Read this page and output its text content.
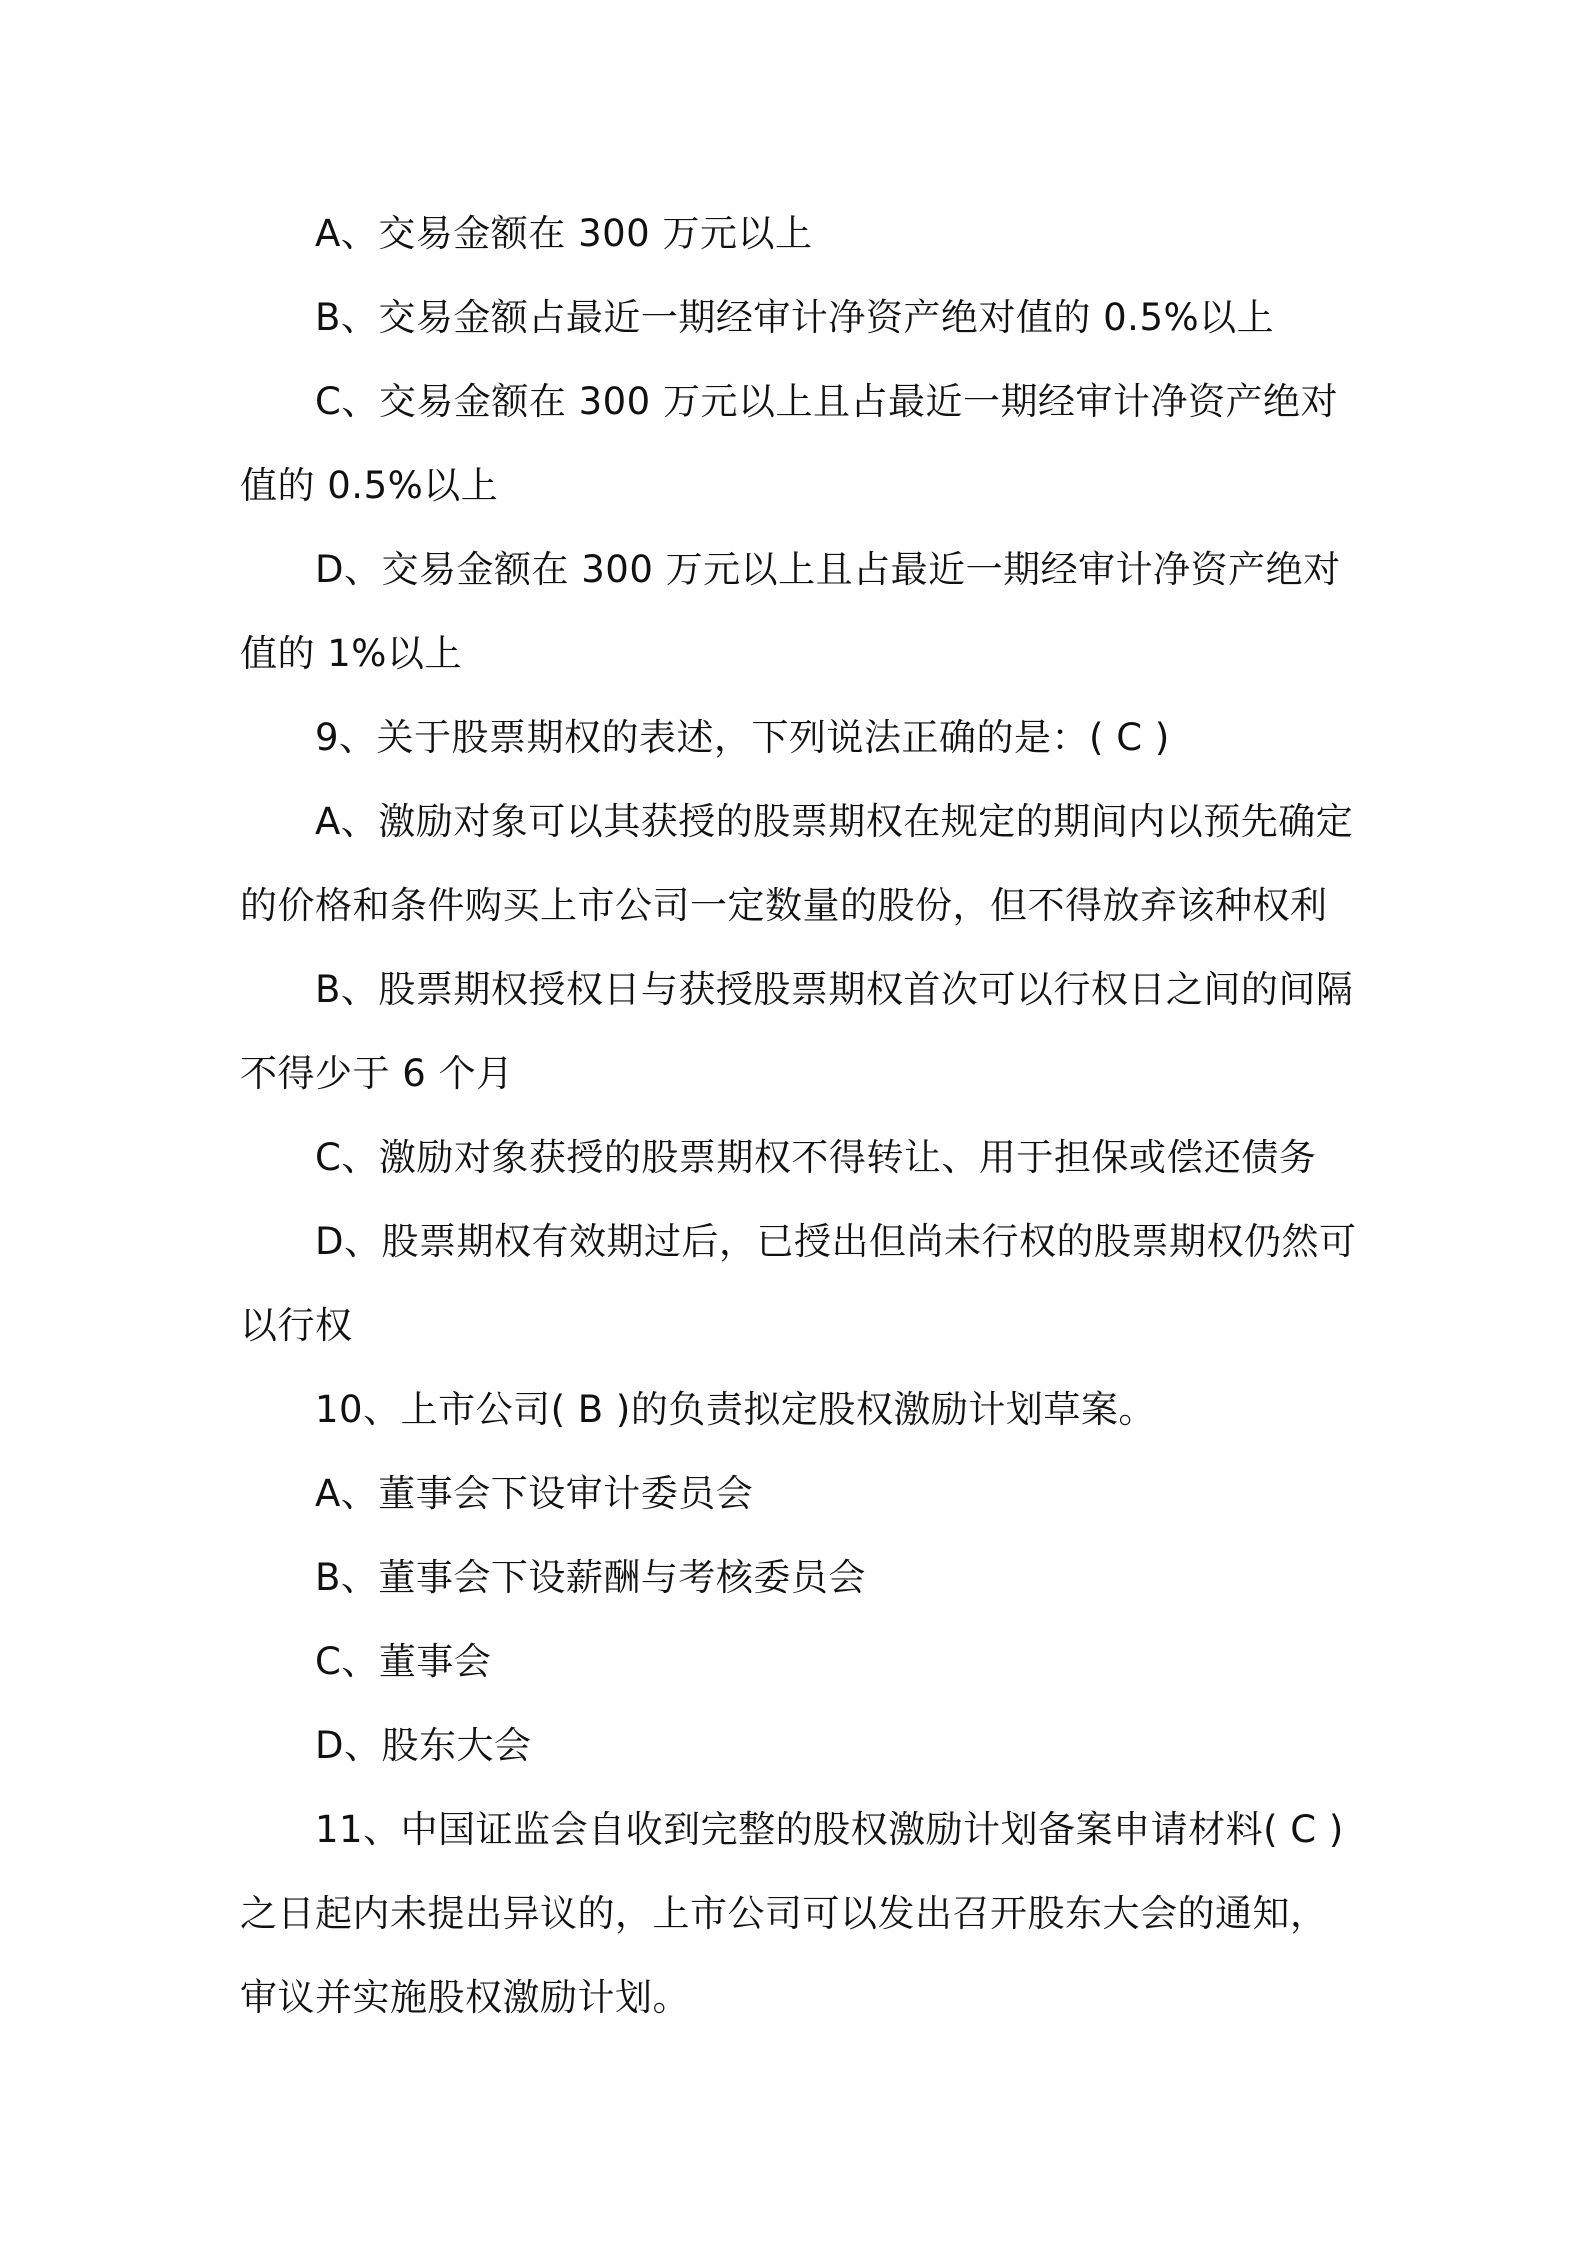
A、交易金额在 300 万元以上

B、交易金额占最近一期经审计净资产绝对值的 0.5%以上

C、交易金额在 300 万元以上且占最近一期经审计净资产绝对值的 0.5%以上

D、交易金额在 300 万元以上且占最近一期经审计净资产绝对值的 1%以上

9、关于股票期权的表述，下列说法正确的是：( C )

A、激励对象可以其获授的股票期权在规定的期间内以预先确定的价格和条件购买上市公司一定数量的股份，但不得放弃该种权利

B、股票期权授权日与获授股票期权首次可以行权日之间的间隔不得少于 6 个月

C、激励对象获授的股票期权不得转让、用于担保或偿还债务

D、股票期权有效期过后，已授出但尚未行权的股票期权仍然可以行权

10、上市公司( B )的负责拟定股权激励计划草案。

A、董事会下设审计委员会

B、董事会下设薪酬与考核委员会

C、董事会

D、股东大会

11、中国证监会自收到完整的股权激励计划备案申请材料( C )之日起内未提出异议的，上市公司可以发出召开股东大会的通知，审议并实施股权激励计划。
